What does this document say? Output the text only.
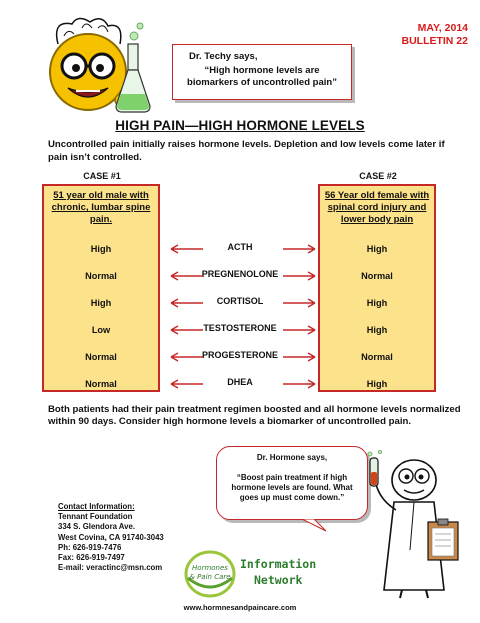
MAY, 2014
BULLETIN 22
Dr. Techy says,
“High hormone levels are biomarkers of uncontrolled pain”
HIGH PAIN—HIGH HORMONE LEVELS
Uncontrolled pain initially raises hormone levels. Depletion and low levels come later if pain isn’t controlled.
CASE #1	CASE #2
51 year old male with chronic, lumbar spine pain.
High
Normal
High
Low
Normal
Normal
56 Year old female with spinal cord injury and lower body pain
High
Normal
High
High
Normal
High
ACTH
PREGNENOLONE
CORTISOL
TESTOSTERONE
PROGESTERONE
DHEA
Both patients had their pain treatment regimen boosted and all hormone levels normalized within 90 days. Consider high hormone levels a biomarker of uncontrolled pain.
Dr. Hormone says,
“Boost pain treatment if high hormone levels are found. What goes up must come down.”
Contact Information:
Tennant Foundation
334 S. Glendora Ave.
West Covina, CA 91740-3043
Ph: 626-919-7476
Fax: 626-919-7497
E-mail: veractinc@msn.com	Hormones
& Pain Care
Information
Network
www.hormnesandpaincare.com
